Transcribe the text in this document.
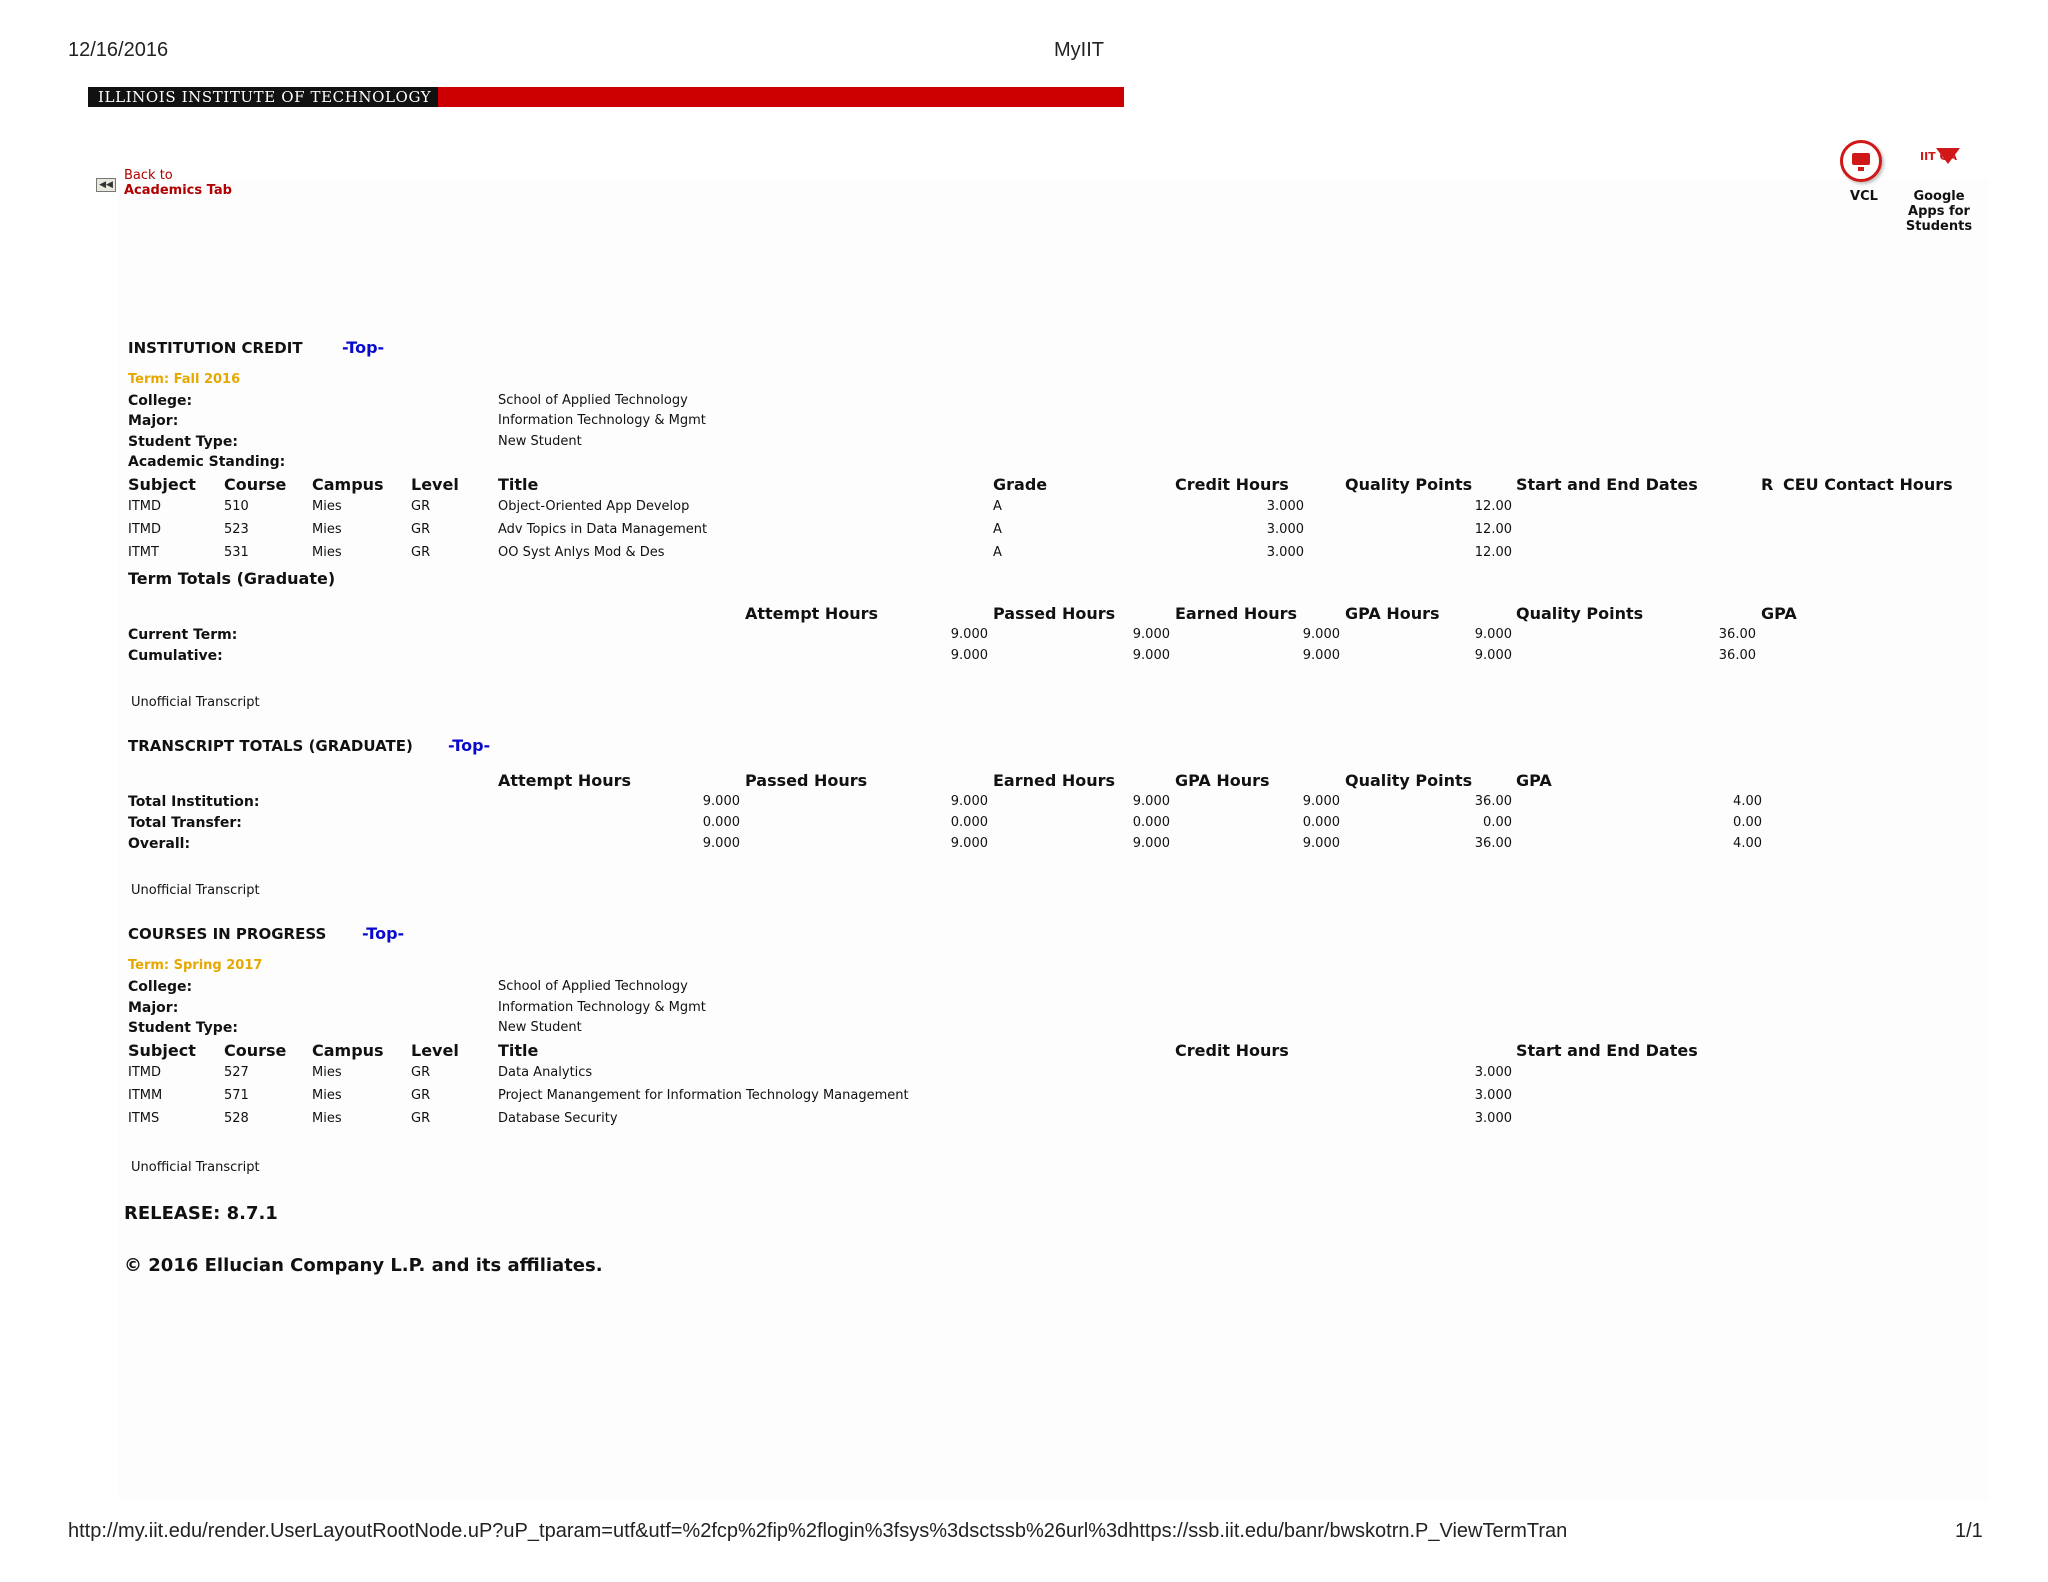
12/16/2016	MyIIT
ILLINOIS INSTITUTE OF TECHNOLOGY
◀◀
Back to
Academics Tab	VCL
IIT GA
Google
Apps for
Students
INSTITUTION CREDIT -Top-
Term: Fall 2016
College:	School of Applied Technology
Major:	Information Technology & Mgmt
Student Type:	New Student
Academic Standing:
Subject Course Campus Level Title	Grade	Credit Hours	Quality Points	Start and End Dates	R CEU Contact Hours
ITMD	510	Mies	GR	Object-Oriented App Develop	A	3.000	12.00
ITMD	523	Mies	GR	Adv Topics in Data Management	A	3.000	12.00
ITMT	531	Mies	GR	OO Syst Anlys Mod & Des	A	3.000	12.00
Term Totals (Graduate)
Attempt Hours	Passed Hours	Earned Hours	GPA Hours	Quality Points	GPA
Current Term:	9.000	9.000	9.000	9.000	36.00
Cumulative:	9.000	9.000	9.000	9.000	36.00
Unofficial Transcript
TRANSCRIPT TOTALS (GRADUATE) -Top-
Attempt Hours	Passed Hours	Earned Hours	GPA Hours	Quality Points	GPA
Total Institution:	9.000	9.000	9.000	9.000	36.00	4.00
Total Transfer:	0.000	0.000	0.000	0.000	0.00	0.00
Overall:	9.000	9.000	9.000	9.000	36.00	4.00
Unofficial Transcript
COURSES IN PROGRESS -Top-
Term: Spring 2017
College:	School of Applied Technology
Major:	Information Technology & Mgmt
Student Type:	New Student
Subject Course Campus Level Title	Credit Hours	Start and End Dates
ITMD	527	Mies	GR	Data Analytics	3.000
ITMM	571	Mies	GR	Project Manangement for Information Technology Management	3.000
ITMS	528	Mies	GR	Database Security	3.000
Unofficial Transcript
RELEASE: 8.7.1
© 2016 Ellucian Company L.P. and its affiliates.
http://my.iit.edu/render.UserLayoutRootNode.uP?uP_tparam=utf&utf=%2fcp%2fip%2flogin%3fsys%3dsctssb%26url%3dhttps://ssb.iit.edu/banr/bwskotrn.P_ViewTermTran	1/1
